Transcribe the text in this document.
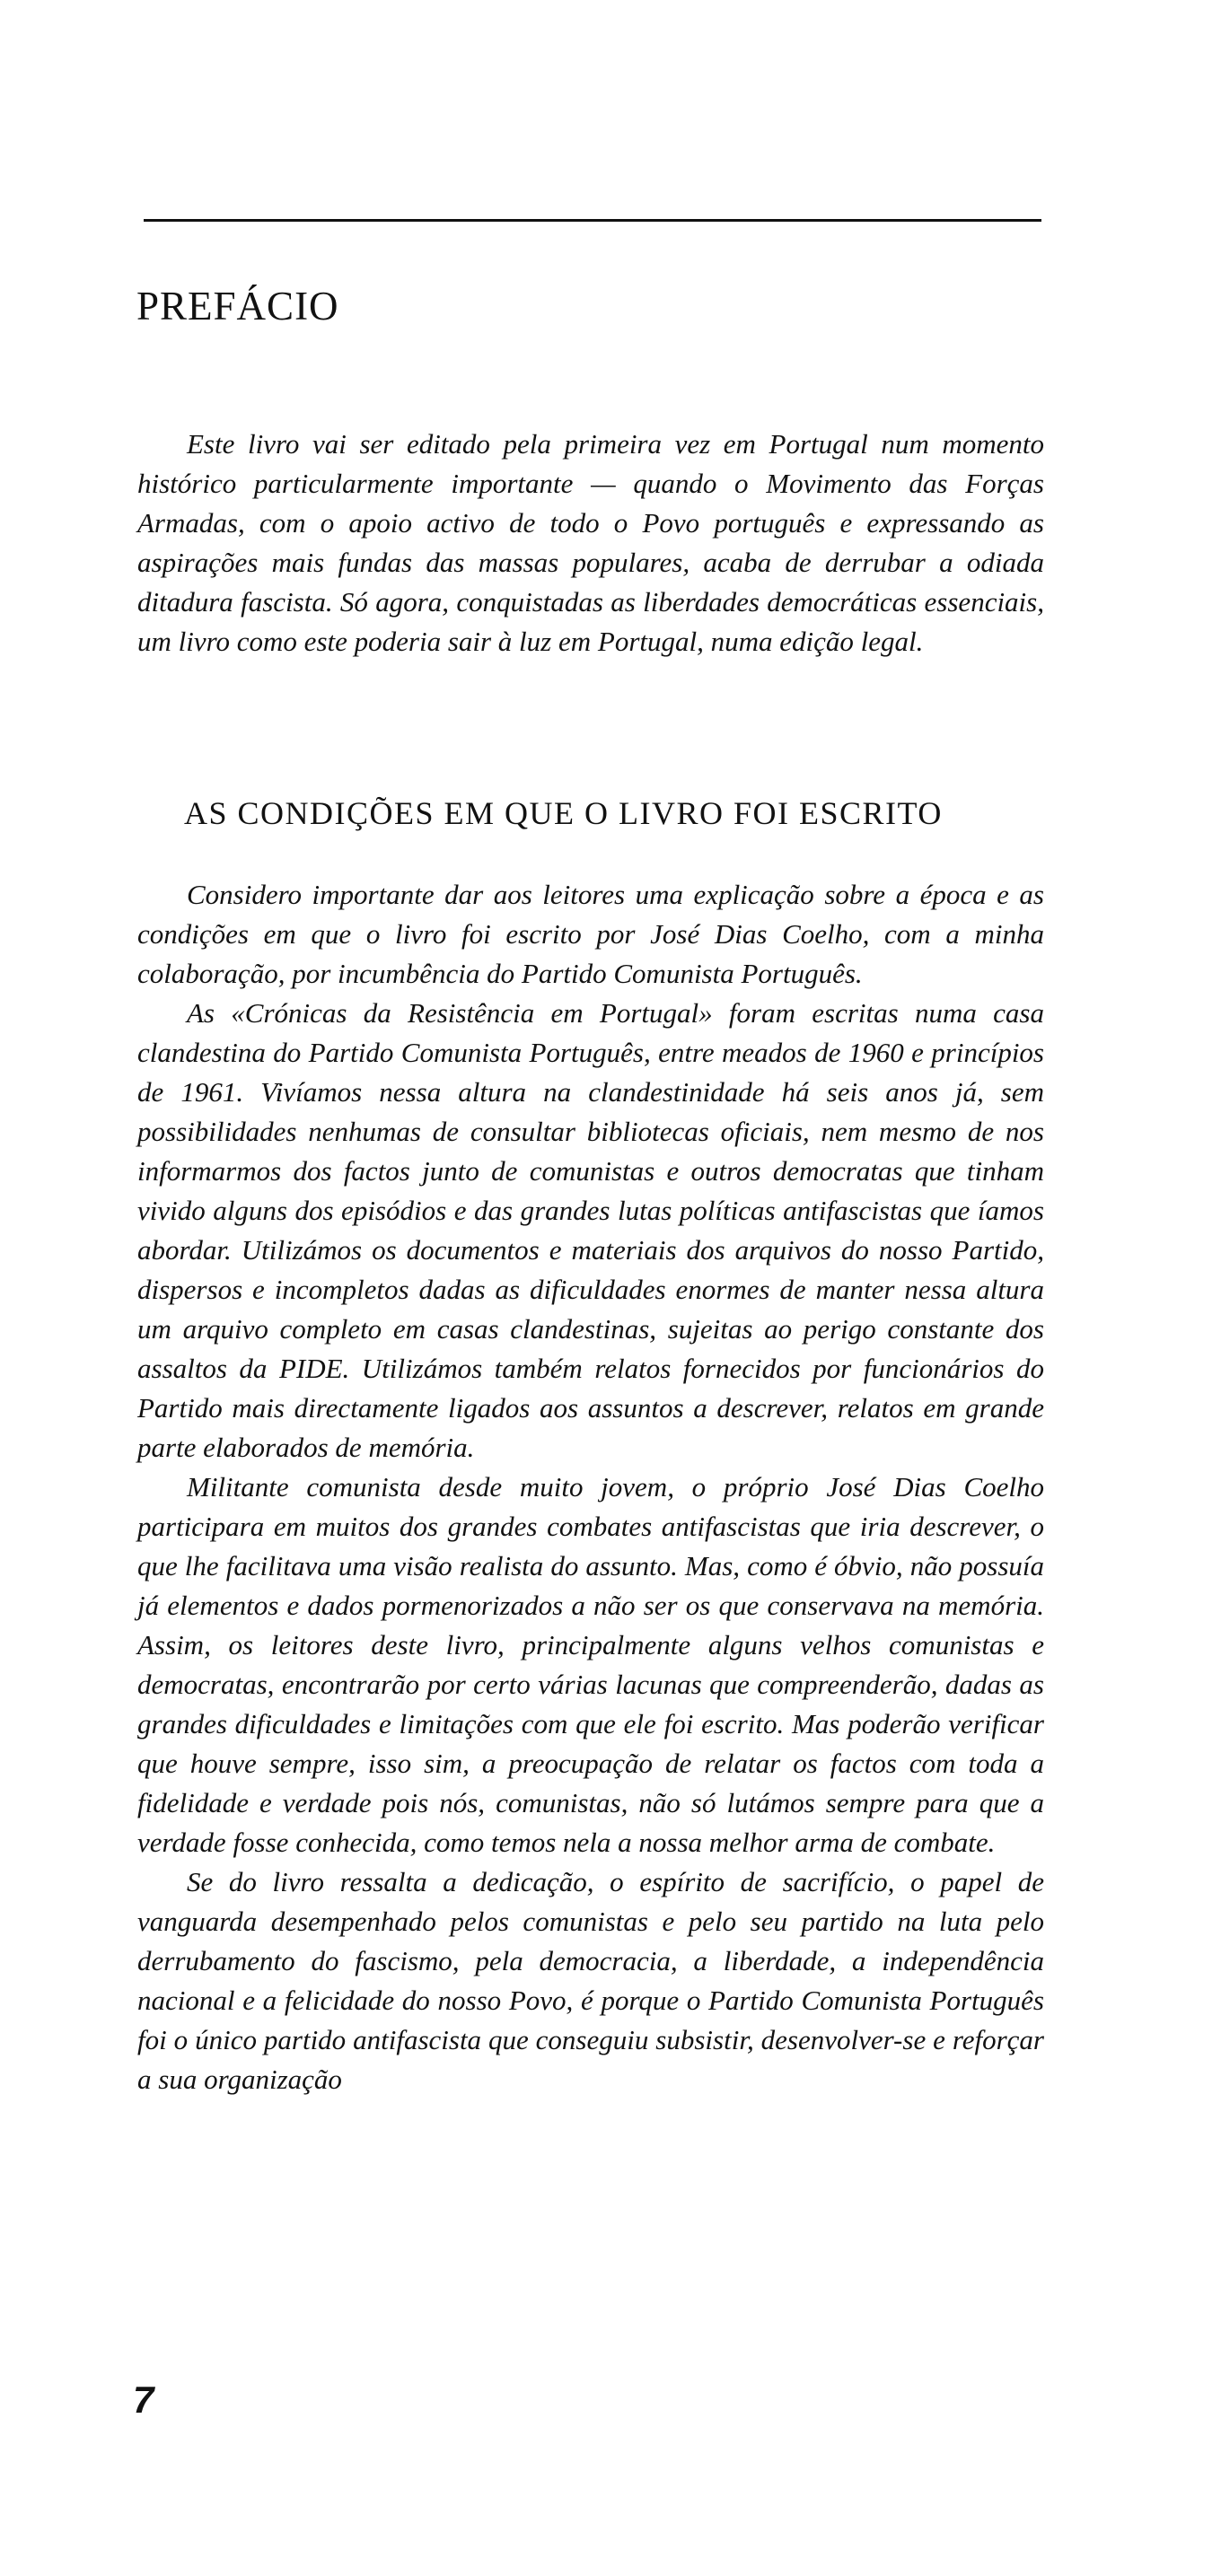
PREFÁCIO

Este livro vai ser editado pela primeira vez em Portugal num momento histórico particularmente importante — quando o Movimento das Forças Armadas, com o apoio activo de todo o Povo português e expressando as aspirações mais fundas das massas populares, acaba de derrubar a odiada ditadura fascista. Só agora, conquistadas as liberdades democráticas essenciais, um livro como este poderia sair à luz em Portugal, numa edição legal.

AS CONDIÇÕES EM QUE O LIVRO FOI ESCRITO

Considero importante dar aos leitores uma explicação sobre a época e as condições em que o livro foi escrito por José Dias Coelho, com a minha colaboração, por incumbência do Partido Comunista Português.

As «Crónicas da Resistência em Portugal» foram escritas numa casa clandestina do Partido Comunista Português, entre meados de 1960 e princípios de 1961. Vivíamos nessa altura na clandestinidade há seis anos já, sem possibilidades nenhumas de consultar bibliotecas oficiais, nem mesmo de nos informarmos dos factos junto de comunistas e outros democratas que tinham vivido alguns dos episódios e das grandes lutas políticas antifascistas que íamos abordar. Utilizámos os documentos e materiais dos arquivos do nosso Partido, dispersos e incompletos dadas as dificuldades enormes de manter nessa altura um arquivo completo em casas clandestinas, sujeitas ao perigo constante dos assaltos da PIDE. Utilizámos também relatos fornecidos por funcionários do Partido mais directamente ligados aos assuntos a descrever, relatos em grande parte elaborados de memória.

Militante comunista desde muito jovem, o próprio José Dias Coelho participara em muitos dos grandes combates antifascistas que iria descrever, o que lhe facilitava uma visão realista do assunto. Mas, como é óbvio, não possuía já elementos e dados pormenorizados a não ser os que conservava na memória. Assim, os leitores deste livro, principalmente alguns velhos comunistas e democratas, encontrarão por certo várias lacunas que compreenderão, dadas as grandes dificuldades e limitações com que ele foi escrito. Mas poderão verificar que houve sempre, isso sim, a preocupação de relatar os factos com toda a fidelidade e verdade pois nós, comunistas, não só lutámos sempre para que a verdade fosse conhecida, como temos nela a nossa melhor arma de combate.

Se do livro ressalta a dedicação, o espírito de sacrifício, o papel de vanguarda desempenhado pelos comunistas e pelo seu partido na luta pelo derrubamento do fascismo, pela democracia, a liberdade, a independência nacional e a felicidade do nosso Povo, é porque o Partido Comunista Português foi o único partido antifascista que conseguiu subsistir, desenvolver-se e reforçar a sua organização

7
